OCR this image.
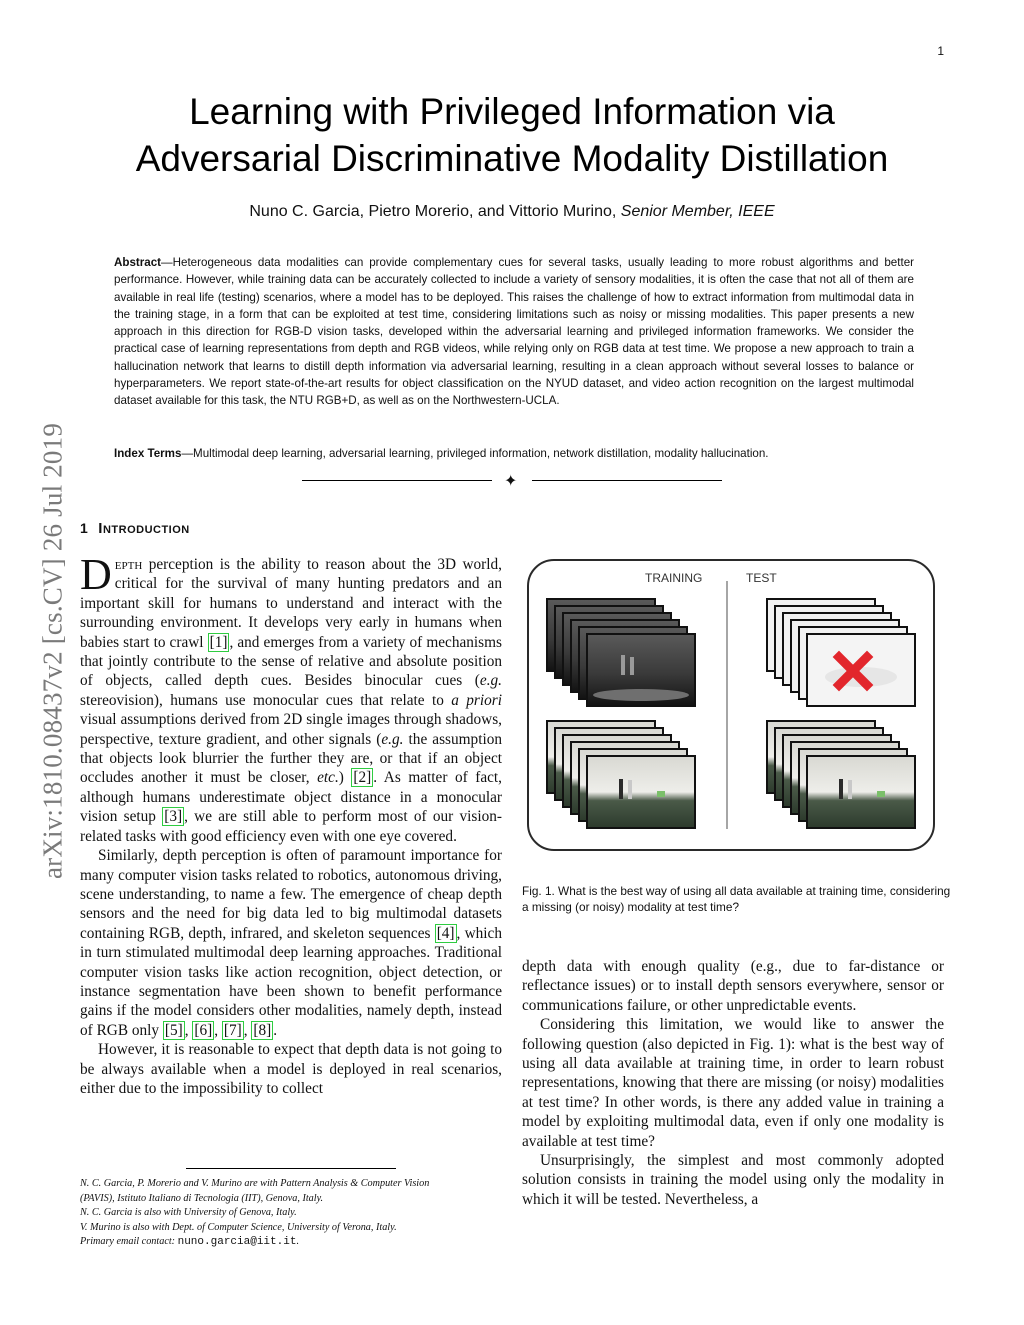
1
arXiv:1810.08437v2 [cs.CV] 26 Jul 2019
Learning with Privileged Information via
Adversarial Discriminative Modality Distillation
Nuno C. Garcia, Pietro Morerio, and Vittorio Murino, Senior Member, IEEE
Abstract—Heterogeneous data modalities can provide complementary cues for several tasks, usually leading to more robust algorithms and better performance. However, while training data can be accurately collected to include a variety of sensory modalities, it is often the case that not all of them are available in real life (testing) scenarios, where a model has to be deployed. This raises the challenge of how to extract information from multimodal data in the training stage, in a form that can be exploited at test time, considering limitations such as noisy or missing modalities. This paper presents a new approach in this direction for RGB-D vision tasks, developed within the adversarial learning and privileged information frameworks. We consider the practical case of learning representations from depth and RGB videos, while relying only on RGB data at test time. We propose a new approach to train a hallucination network that learns to distill depth information via adversarial learning, resulting in a clean approach without several losses to balance or hyperparameters. We report state-of-the-art results for object classification on the NYUD dataset, and video action recognition on the largest multimodal dataset available for this task, the NTU RGB+D, as well as on the Northwestern-UCLA.
Index Terms—Multimodal deep learning, adversarial learning, privileged information, network distillation, modality hallucination.
✦
1 Introduction

Depth perception is the ability to reason about the 3D world, critical for the survival of many hunting predators and an important skill for humans to understand and interact with the surrounding environment. It develops very early in humans when babies start to crawl [1] , and emerges from a variety of mechanisms that jointly contribute to the sense of relative and absolute position of objects, called depth cues. Besides binocular cues (e.g. stereovision), humans use monocular cues that relate to a priori visual assumptions derived from 2D single images through shadows, perspective, texture gradient, and other signals (e.g. the assumption that objects look blurrier the further they are, or that if an object occludes another it must be closer, etc.) [2] . As matter of fact, although humans underestimate object distance in a monocular vision setup [3] , we are still able to perform most of our vision-related tasks with good efficiency even with one eye covered.

Similarly, depth perception is often of paramount importance for many computer vision tasks related to robotics, autonomous driving, scene understanding, to name a few. The emergence of cheap depth sensors and the need for big data led to big multimodal datasets containing RGB, depth, infrared, and skeleton sequences [4] , which in turn stimulated multimodal deep learning approaches. Traditional computer vision tasks like action recognition, object detection, or instance segmentation have been shown to benefit performance gains if the model considers other modalities, namely depth, instead of RGB only [5] , [6] , [7] , [8] .

However, it is reasonable to expect that depth data is not going to be always available when a model is deployed in real scenarios, either due to the impossibility to collect

N. C. Garcia, P. Morerio and V. Murino are with Pattern Analysis & Computer Vision
(PAVIS), Istituto Italiano di Tecnologia (IIT), Genova, Italy.
N. C. Garcia is also with University of Genova, Italy.
V. Murino is also with Dept. of Computer Science, University of Verona, Italy.
Primary email contact: nuno.garcia@iit.it.
TRAINING	TEST
Fig. 1. What is the best way of using all data available at training time, considering a missing (or noisy) modality at test time?

depth data with enough quality (e.g., due to far-distance or reflectance issues) or to install depth sensors everywhere, sensor or communications failure, or other unpredictable events.

Considering this limitation, we would like to answer the following question (also depicted in Fig. 1): what is the best way of using all data available at training time, in order to learn robust representations, knowing that there are missing (or noisy) modalities at test time? In other words, is there any added value in training a model by exploiting multimodal data, even if only one modality is available at test time?

Unsurprisingly, the simplest and most commonly adopted solution consists in training the model using only the modality in which it will be tested. Nevertheless, a
